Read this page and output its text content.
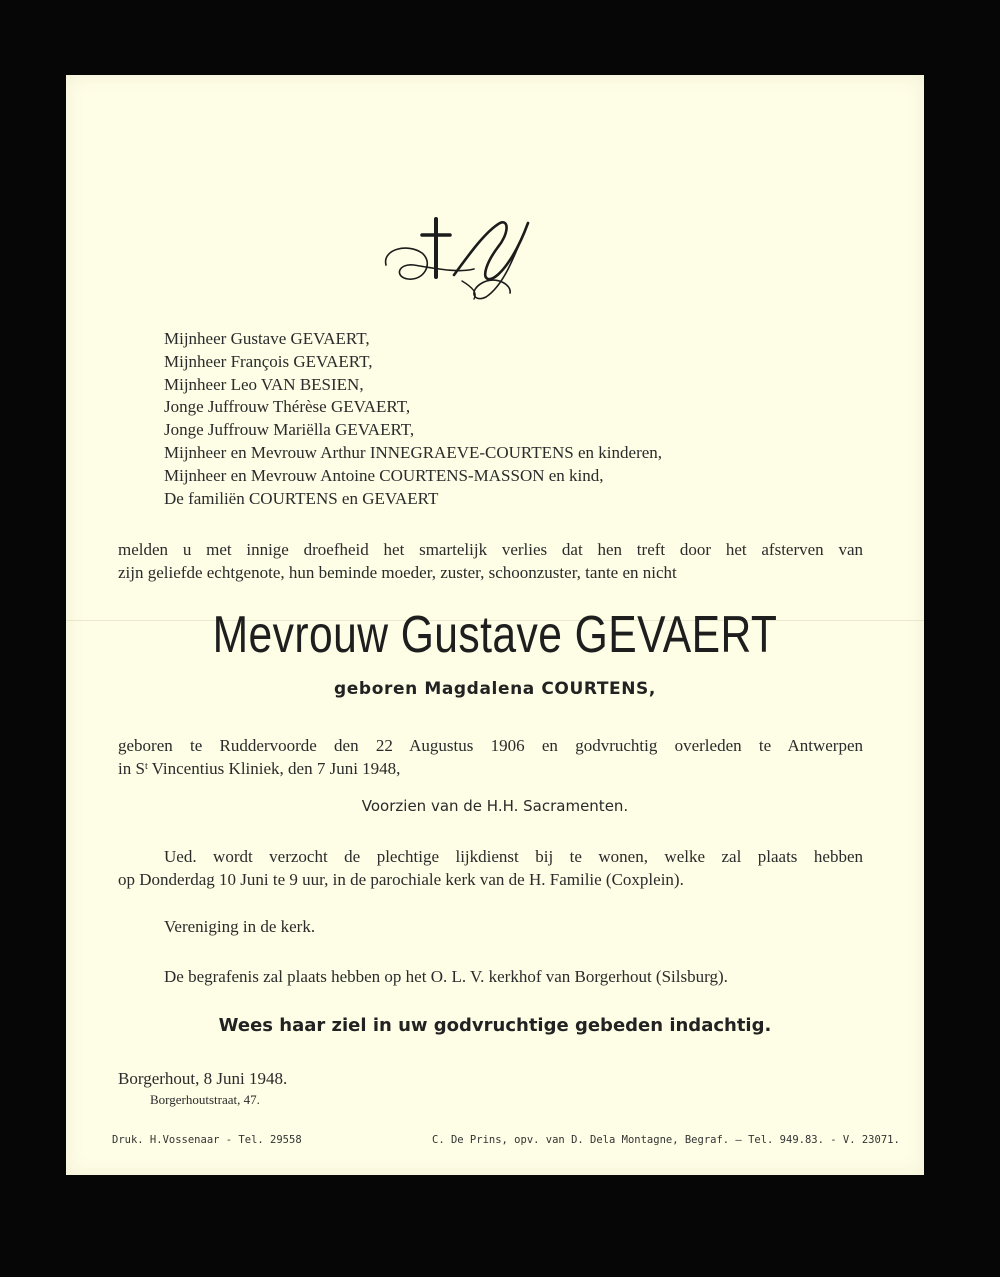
Mijnheer Gustave GEVAERT,
Mijnheer François GEVAERT,
Mijnheer Leo VAN BESIEN,
Jonge Juffrouw Thérèse GEVAERT,
Jonge Juffrouw Mariëlla GEVAERT,
Mijnheer en Mevrouw Arthur INNEGRAEVE-COURTENS en kinderen,
Mijnheer en Mevrouw Antoine COURTENS-MASSON en kind,
De familiën COURTENS en GEVAERT
melden u met innige droefheid het smartelijk verlies dat hen treft door het afsterven van
zijn geliefde echtgenote, hun beminde moeder, zuster, schoonzuster, tante en nicht
Mevrouw Gustave GEVAERT
geboren Magdalena COURTENS,
geboren te Ruddervoorde den 22 Augustus 1906 en godvruchtig overleden te Antwerpen
in $S^t$ Vincentius Kliniek, den 7 Juni 1948,
Voorzien van de H.H. Sacramenten.
Ued. wordt verzocht de plechtige lijkdienst bij te wonen, welke zal plaats hebben
op Donderdag 10 Juni te 9 uur, in de parochiale kerk van de H. Familie (Coxplein).
Vereniging in de kerk.
De begrafenis zal plaats hebben op het O. L. V. kerkhof van Borgerhout (Silsburg).
Wees haar ziel in uw godvruchtige gebeden indachtig.
Borgerhout, 8 Juni 1948.
Borgerhoutstraat, 47.
Druk. H.Vossenaar - Tel. 29558	C. De Prins, opv. van D. Dela Montagne, Begraf. — Tel. 949.83. - V. 23071.
